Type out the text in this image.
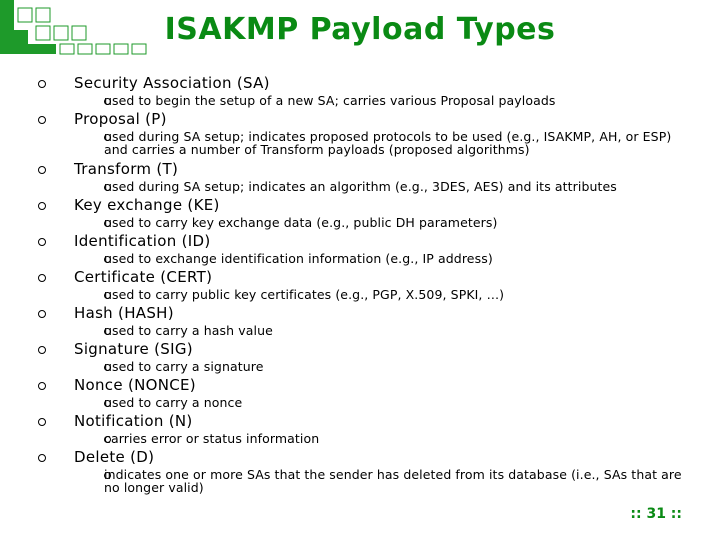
ISAKMP Payload Types
Security Association (SA)
used to begin the setup of a new SA; carries various Proposal payloads
Proposal (P)
used during SA setup; indicates proposed protocols to be used (e.g., ISAKMP, AH, or ESP) and carries a number of Transform payloads (proposed algorithms)
Transform (T)
used during SA setup; indicates an algorithm (e.g., 3DES, AES) and its attributes
Key exchange (KE)
used to carry key exchange data (e.g., public DH parameters)
Identification (ID)
used to exchange identification information (e.g., IP address)
Certificate (CERT)
used to carry public key certificates (e.g., PGP, X.509, SPKI, …)
Hash (HASH)
used to carry a hash value
Signature (SIG)
used to carry a signature
Nonce (NONCE)
used to carry a nonce
Notification (N)
carries error or status information
Delete (D)
indicates one or more SAs that the sender has deleted from its database (i.e., SAs that are no longer valid)
:: 31 ::
